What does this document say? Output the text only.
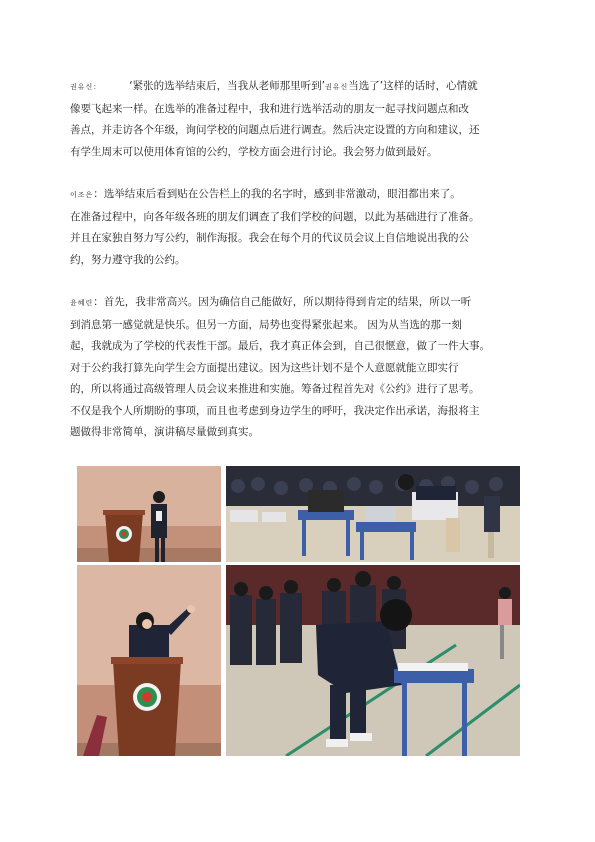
권유신：	‘紧张的选举结束后，当我从老师那里听到’권유신当选了’这样的话时，心情就
像要飞起来一样。在选举的准备过程中，我和进行选举活动的朋友一起寻找问题点和改
善点，并走访各个年级，询问学校的问题点后进行调查。然后决定设置的方向和建议，还
有学生周末可以使用体育馆的公约，学校方面会进行讨论。我会努力做到最好。
이조은：选举结束后看到贴在公告栏上的我的名字时，感到非常激动，眼泪都出来了。
在准备过程中，向各年级各班的朋友们调查了我们学校的问题，以此为基础进行了准备。
并且在家独自努力写公约，制作海报。我会在每个月的代议员会议上自信地说出我的公
约，努力遵守我的公约。
윤혜린：首先，我非常高兴。因为确信自己能做好，所以期待得到肯定的结果，所以一听
到消息第一感觉就是快乐。但另一方面，局势也变得紧张起来。 因为从当选的那一刻
起，我就成为了学校的代表性干部。最后，我才真正体会到，自己很惬意，做了一件大事。
对于公约我打算先向学生会方面提出建议。因为这些计划不是个人意愿就能立即实行
的，所以将通过高级管理人员会议来推进和实施。筹备过程首先对《公约》进行了思考。
不仅是我个人所期盼的事项，而且也考虑到身边学生的呼吁，我决定作出承诺，海报将主
题做得非常简单，演讲稿尽量做到真实。
